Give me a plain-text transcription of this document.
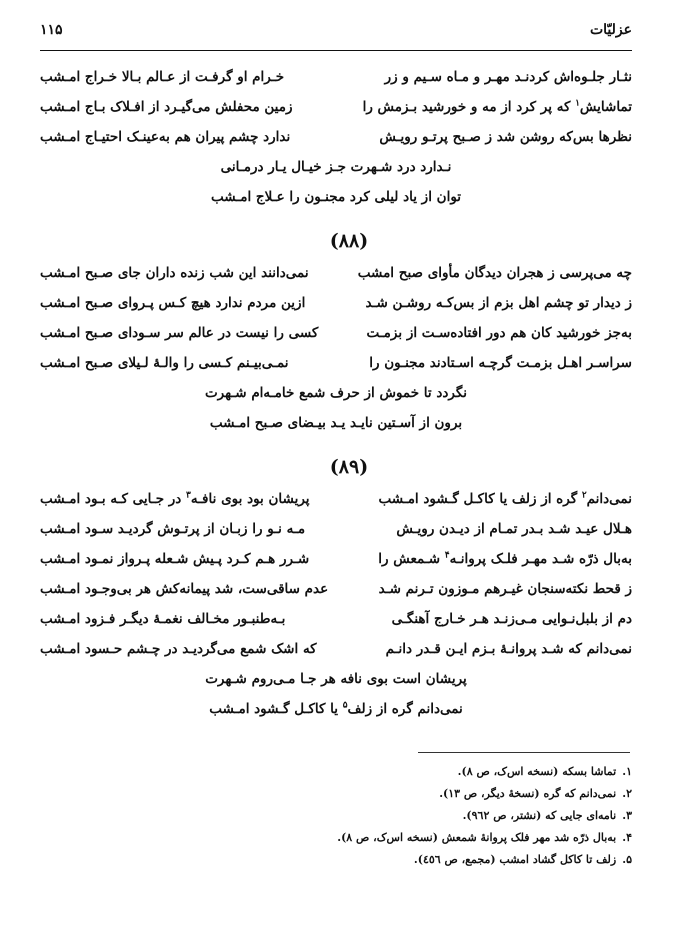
۱۱۵	عزلیّات
نثـار جلـوه‌اش کردنـد مهـر و مـاه سـیم و زر
خـرام او گرفـت از عـالم بـالا خـراج امـشب
تماشایش$^۱$ که پر کرد از مه و خورشید بـزمش را
زمین محفلش می‌گیـرد از افـلاک بـاج امـشب
نظرها بس‌که روشن شد ز صـبح پرتـو رویـش
ندارد چشم پیران هم به‌عینـک احتیـاج امـشب
نـدارد درد شـهرت جـز خیـال یـار درمـانی
توان از یاد لیلی کرد مجنـون را عـلاج امـشب
(۸۸)
چه می‌پرسی ز هجران دیدگان مأوای صبح امشب
نمی‌دانند این شب زنده داران جای صـبح امـشب
ز دیدار تو چشم اهل بزم از بس‌کـه روشـن شـد
ازین مردم ندارد هیچ کـس پـروای صـبح امـشب
به‌جز خورشید کان هم دور افتاده‌سـت از بزمـت
کسی را نیست در عالم سر سـودای صـبح امـشب
سراسـر اهـل بزمـت گرچـه اسـتادند مجنـون را
نمـی‌بیـنم کـسی را والـهٔ لـیلای صـبح امـشب
نگردد تا خموش از حرف شمع خامـه‌ام شـهرت
برون از آسـتین نایـد یـد بیـضای صـبح امـشب
(۸۹)
نمی‌دانم$^۲$ گره از زلف یا کاکـل گـشود امـشب
پریشان بود بوی نافـه$^۳$ در جـایی کـه بـود امـشب
هـلال عیـد شـد بـدر تمـام از دیـدن رویـش
مـه نـو را زبـان از پرتـوش گردیـد سـود امـشب
به‌بال ذرّه شـد مهـر فلـک پروانـه$^۴$ شـمعش را
شـرر هـم کـرد پـیش شـعله پـرواز نمـود امـشب
ز قحط نکته‌سنجان غیـرهم مـوزون تـرنم شـد
عدم ساقی‌ست، شد پیمانه‌کش هر بی‌وجـود امـشب
دم از بلبل‌نـوایی مـی‌زنـد هـر خـارج آهنگـی
بـه‌طنبـور مخـالف نغمـهٔ دیگـر فـزود امـشب
نمی‌دانم که شـد پروانـهٔ بـزم ایـن قـدر دانـم
که اشک شمع می‌گردیـد در چـشم حـسود امـشب
پریشان است بوی نافه هر جـا مـی‌روم شـهرت
نمی‌دانم گره از زلف$^۵$ یا کاکـل گـشود امـشب
۱.
تماشا بسکه (نسخه اس‌ک، ص ۸).
۲.
نمی‌دانم که گره (نسخهٔ دیگر، ص ۱۳).
۳.
نامه‌ای جایی که (نشتر، ص ۹٦۲).
۴.
به‌بال ذرّه شد مهر فلک پروانهٔ شمعش (نسخه اس‌ک، ص ۸).
۵.
زلف تا کاکل گشاد امشب (مجمع، ص ٤٥٦).
